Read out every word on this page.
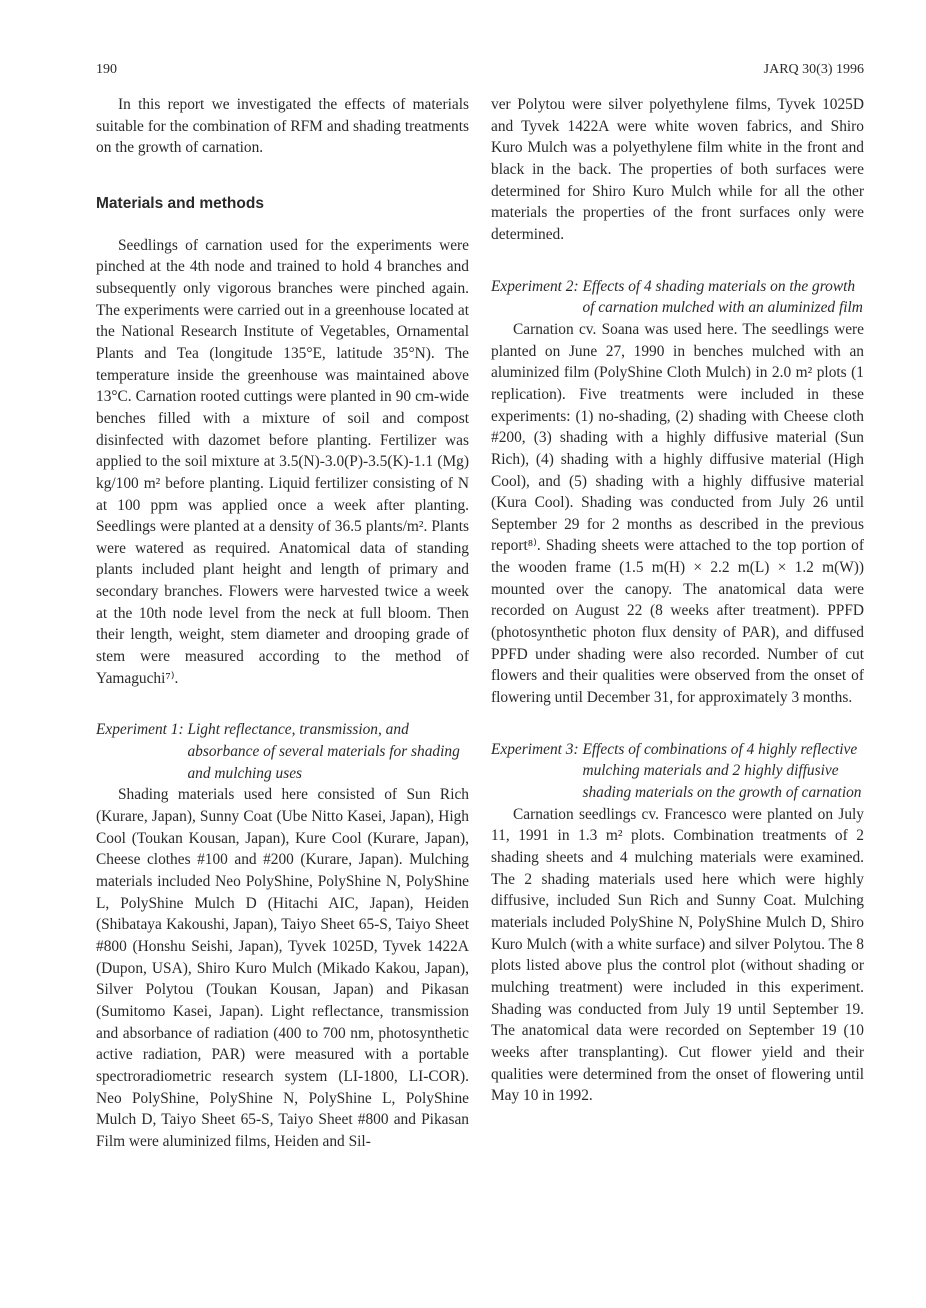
190	JARQ 30(3) 1996

In this report we investigated the effects of materials suitable for the combination of RFM and shading treatments on the growth of carnation.

Materials and methods

Seedlings of carnation used for the experiments were pinched at the 4th node and trained to hold 4 branches and subsequently only vigorous branches were pinched again. The experiments were carried out in a greenhouse located at the National Research Institute of Vegetables, Ornamental Plants and Tea (longitude 135°E, latitude 35°N). The temperature inside the greenhouse was maintained above 13°C. Carnation rooted cuttings were planted in 90 cm-wide benches filled with a mixture of soil and compost disinfected with dazomet before planting. Fertilizer was applied to the soil mixture at 3.5(N)-3.0(P)-3.5(K)-1.1 (Mg) kg/100 m² before planting. Liquid fertilizer consisting of N at 100 ppm was applied once a week after planting. Seedlings were planted at a density of 36.5 plants/m². Plants were watered as required. Anatomical data of standing plants included plant height and length of primary and secondary branches. Flowers were harvested twice a week at the 10th node level from the neck at full bloom. Then their length, weight, stem diameter and drooping grade of stem were measured according to the method of Yamaguchi⁷⁾.

Experiment 1: Light reflectance, transmission, and absorbance of several materials for shading and mulching uses

Shading materials used here consisted of Sun Rich (Kurare, Japan), Sunny Coat (Ube Nitto Kasei, Japan), High Cool (Toukan Kousan, Japan), Kure Cool (Kurare, Japan), Cheese clothes #100 and #200 (Kurare, Japan). Mulching materials included Neo PolyShine, PolyShine N, PolyShine L, PolyShine Mulch D (Hitachi AIC, Japan), Heiden (Shibataya Kakoushi, Japan), Taiyo Sheet 65-S, Taiyo Sheet #800 (Honshu Seishi, Japan), Tyvek 1025D, Tyvek 1422A (Dupon, USA), Shiro Kuro Mulch (Mikado Kakou, Japan), Silver Polytou (Toukan Kousan, Japan) and Pikasan (Sumitomo Kasei, Japan). Light reflectance, transmission and absorbance of radiation (400 to 700 nm, photosynthetic active radiation, PAR) were measured with a portable spectroradiometric research system (LI-1800, LI-COR). Neo PolyShine, PolyShine N, PolyShine L, PolyShine Mulch D, Taiyo Sheet 65-S, Taiyo Sheet #800 and Pikasan Film were aluminized films, Heiden and Sil-

ver Polytou were silver polyethylene films, Tyvek 1025D and Tyvek 1422A were white woven fabrics, and Shiro Kuro Mulch was a polyethylene film white in the front and black in the back. The properties of both surfaces were determined for Shiro Kuro Mulch while for all the other materials the properties of the front surfaces only were determined.

Experiment 2: Effects of 4 shading materials on the growth of carnation mulched with an aluminized film

Carnation cv. Soana was used here. The seedlings were planted on June 27, 1990 in benches mulched with an aluminized film (PolyShine Cloth Mulch) in 2.0 m² plots (1 replication). Five treatments were included in these experiments: (1) no-shading, (2) shading with Cheese cloth #200, (3) shading with a highly diffusive material (Sun Rich), (4) shading with a highly diffusive material (High Cool), and (5) shading with a highly diffusive material (Kura Cool). Shading was conducted from July 26 until September 29 for 2 months as described in the previous report⁸⁾. Shading sheets were attached to the top portion of the wooden frame (1.5 m(H) × 2.2 m(L) × 1.2 m(W)) mounted over the canopy. The anatomical data were recorded on August 22 (8 weeks after treatment). PPFD (photosynthetic photon flux density of PAR), and diffused PPFD under shading were also recorded. Number of cut flowers and their qualities were observed from the onset of flowering until December 31, for approximately 3 months.

Experiment 3: Effects of combinations of 4 highly reflective mulching materials and 2 highly diffusive shading materials on the growth of carnation

Carnation seedlings cv. Francesco were planted on July 11, 1991 in 1.3 m² plots. Combination treatments of 2 shading sheets and 4 mulching materials were examined. The 2 shading materials used here which were highly diffusive, included Sun Rich and Sunny Coat. Mulching materials included PolyShine N, PolyShine Mulch D, Shiro Kuro Mulch (with a white surface) and silver Polytou. The 8 plots listed above plus the control plot (without shading or mulching treatment) were included in this experiment. Shading was conducted from July 19 until September 19. The anatomical data were recorded on September 19 (10 weeks after transplanting). Cut flower yield and their qualities were determined from the onset of flowering until May 10 in 1992.
